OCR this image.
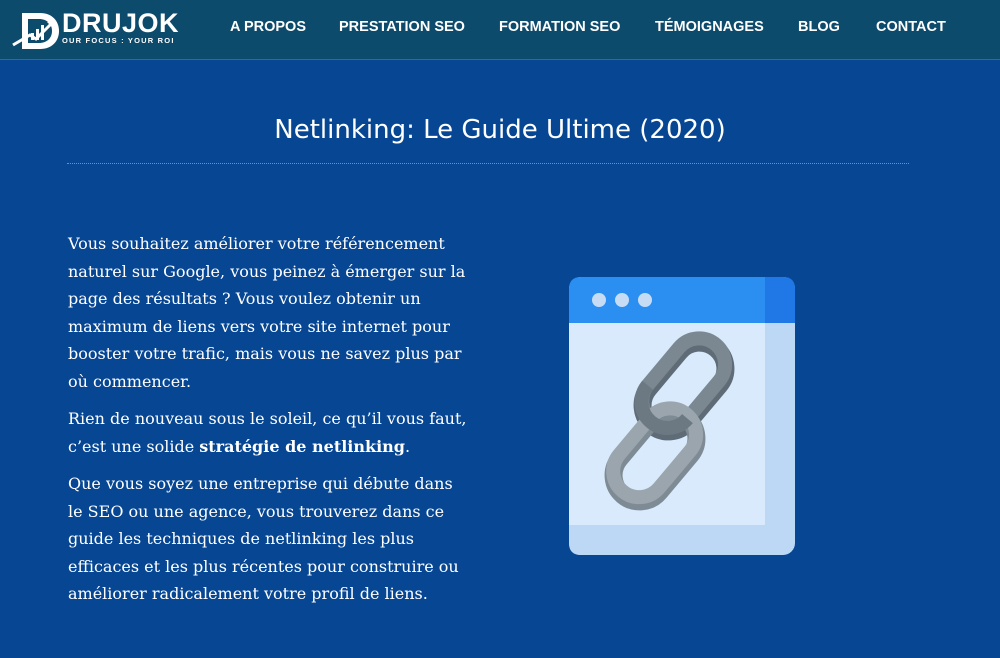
DRUJOK
OUR FOCUS : YOUR ROI
A PROPOS PRESTATION SEO FORMATION SEO TÉMOIGNAGES BLOG CONTACT
Netlinking: Le Guide Ultime (2020)

Vous souhaitez améliorer votre référencement naturel sur Google, vous peinez à émerger sur la page des résultats ? Vous voulez obtenir un maximum de liens vers votre site internet pour booster votre trafic, mais vous ne savez plus par où commencer.

Rien de nouveau sous le soleil, ce qu’il vous faut, c’est une solide stratégie de netlinking.

Que vous soyez une entreprise qui débute dans le SEO ou une agence, vous trouverez dans ce guide les techniques de netlinking les plus efficaces et les plus récentes pour construire ou améliorer radicalement votre profil de liens.
